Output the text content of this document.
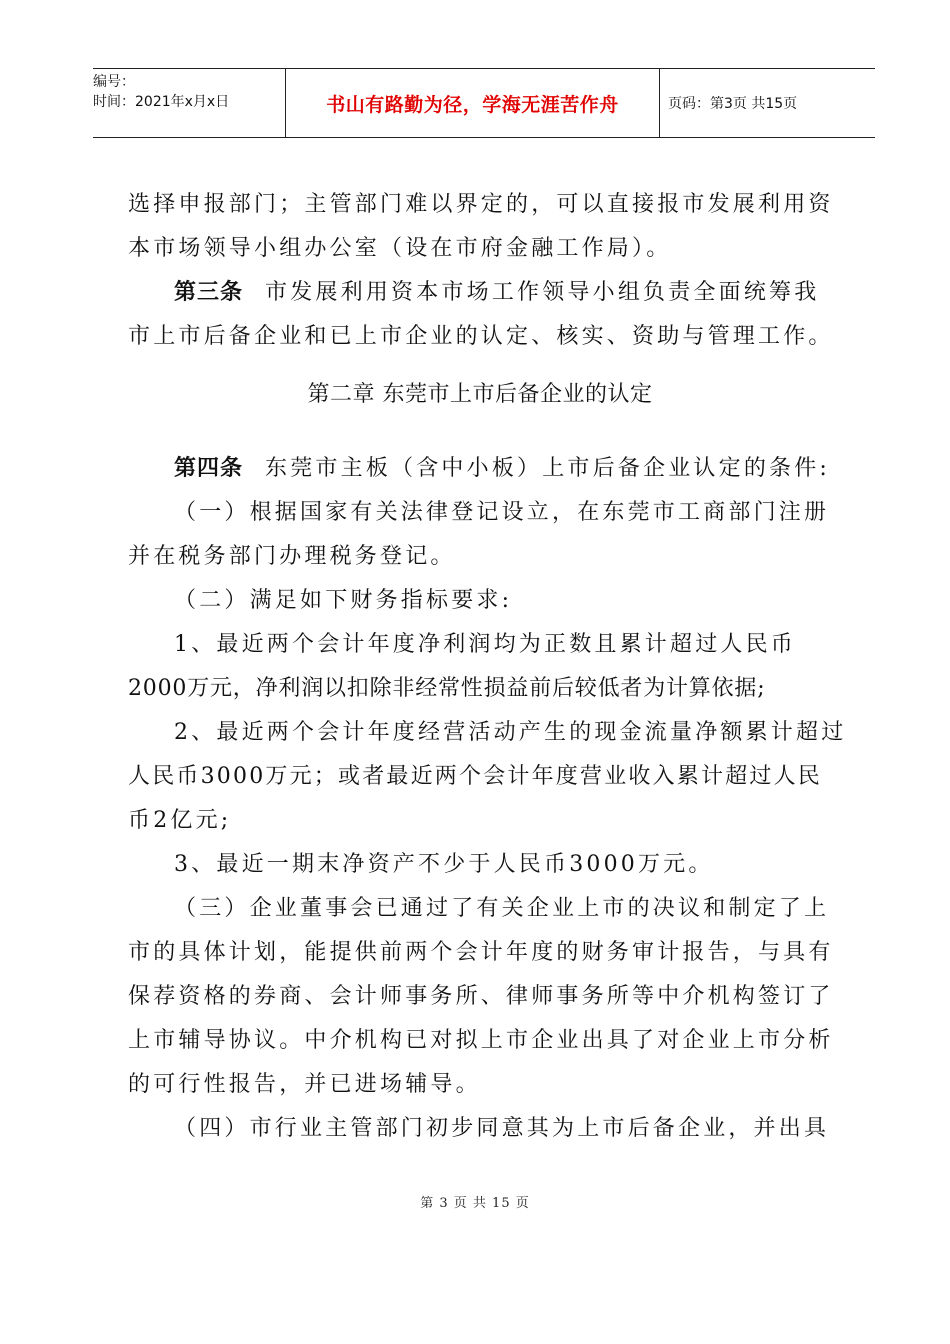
编号：
时间：2021年x月x日	书山有路勤为径，学海无涯苦作舟	页码：第3页 共15页
选择申报部门；主管部门难以界定的，可以直接报市发展利用资
本市场领导小组办公室（设在市府金融工作局）。
第三条 市发展利用资本市场工作领导小组负责全面统筹我
市上市后备企业和已上市企业的认定、核实、资助与管理工作。
第二章 东莞市上市后备企业的认定
第四条 东莞市主板（含中小板）上市后备企业认定的条件:
（一）根据国家有关法律登记设立，在东莞市工商部门注册
并在税务部门办理税务登记。
（二）满足如下财务指标要求:
1、最近两个会计年度净利润均为正数且累计超过人民币
2000万元，净利润以扣除非经常性损益前后较低者为计算依据;
2、最近两个会计年度经营活动产生的现金流量净额累计超过
人民币3000万元；或者最近两个会计年度营业收入累计超过人民
币2亿元;
3、最近一期末净资产不少于人民币3000万元。
（三）企业董事会已通过了有关企业上市的决议和制定了上
市的具体计划，能提供前两个会计年度的财务审计报告，与具有
保荐资格的券商、会计师事务所、律师事务所等中介机构签订了
上市辅导协议。中介机构已对拟上市企业出具了对企业上市分析
的可行性报告，并已进场辅导。
（四）市行业主管部门初步同意其为上市后备企业，并出具
第 3 页 共 15 页
